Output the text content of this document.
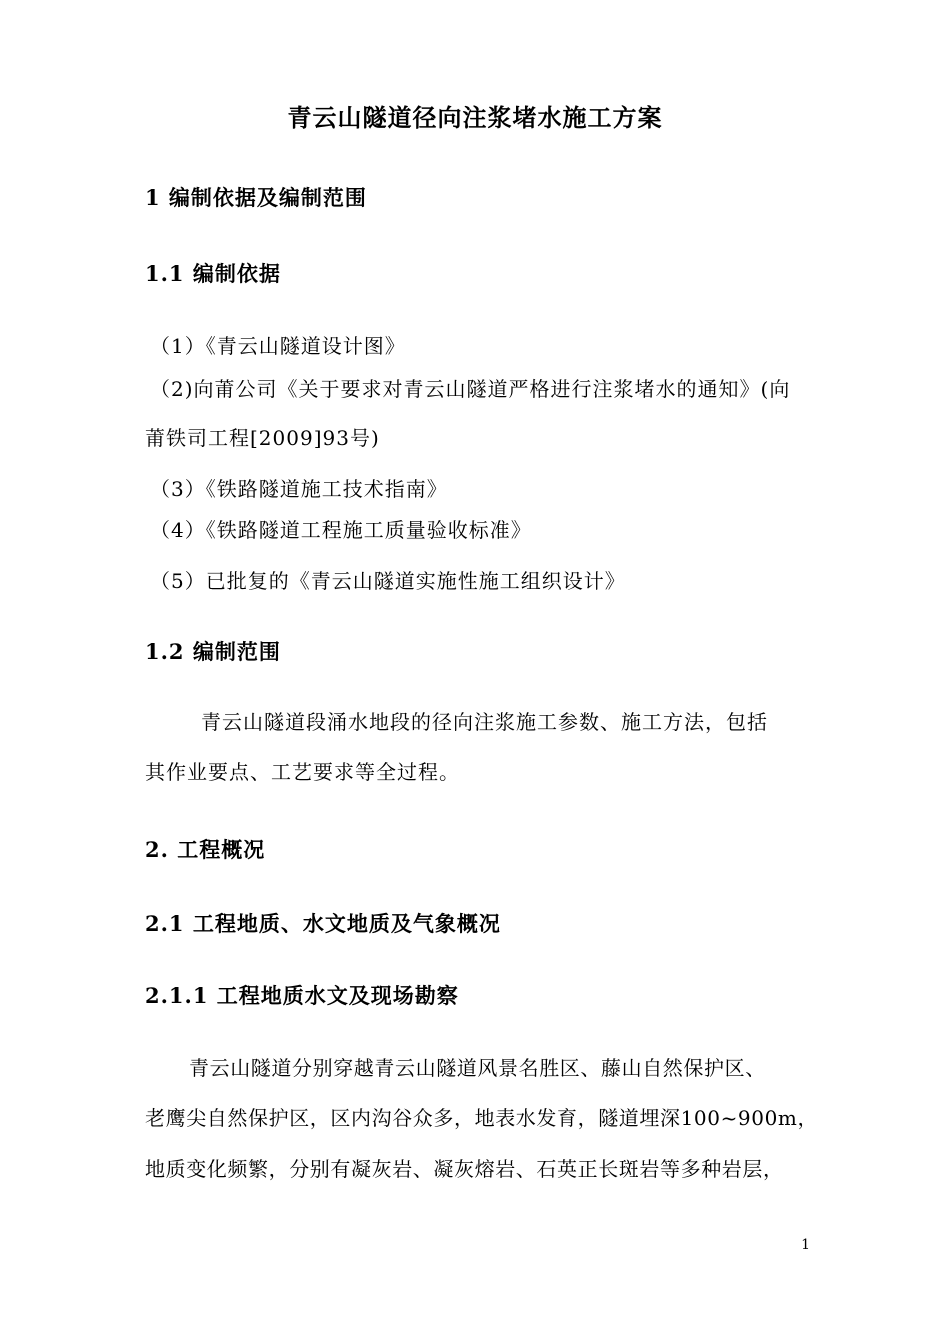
青云山隧道径向注浆堵水施工方案
1 编制依据及编制范围
1.1 编制依据
（1）《青云山隧道设计图》
（2)向莆公司《关于要求对青云山隧道严格进行注浆堵水的通知》(向
莆铁司工程[2009]93号)
（3）《铁路隧道施工技术指南》
（4）《铁路隧道工程施工质量验收标准》
（5）已批复的《青云山隧道实施性施工组织设计》
1.2 编制范围
青云山隧道段涌水地段的径向注浆施工参数、施工方法，包括
其作业要点、工艺要求等全过程。
2. 工程概况
2.1 工程地质、水文地质及气象概况
2.1.1 工程地质水文及现场勘察
青云山隧道分别穿越青云山隧道风景名胜区、藤山自然保护区、
老鹰尖自然保护区，区内沟谷众多，地表水发育，隧道埋深100~900m，
地质变化频繁，分别有凝灰岩、凝灰熔岩、石英正长斑岩等多种岩层，
1
